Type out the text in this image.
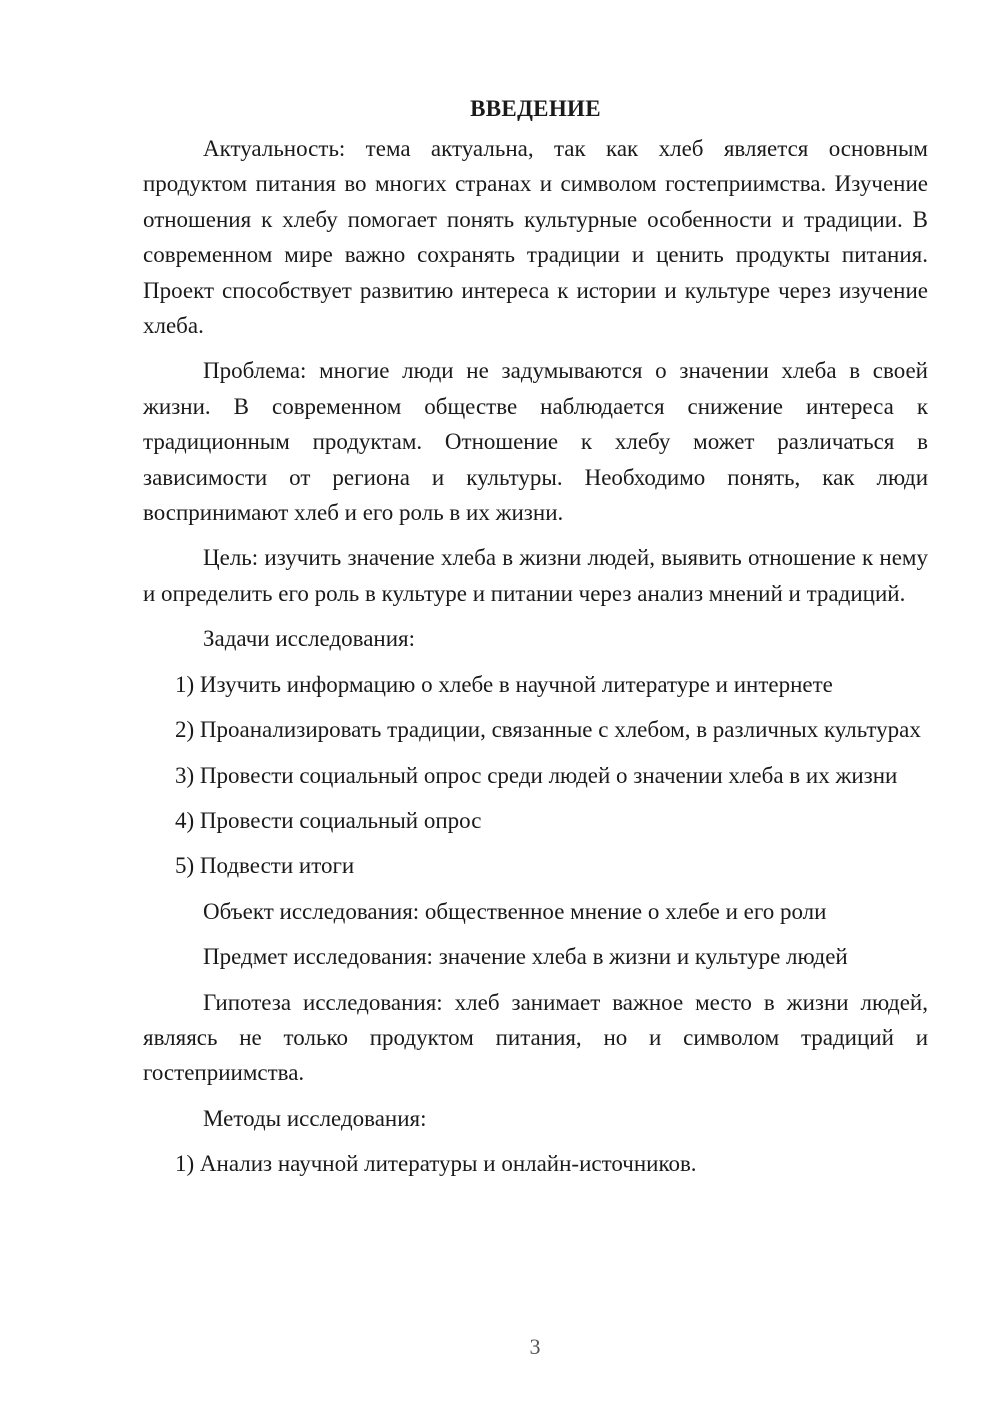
ВВЕДЕНИЕ

Актуальность: тема актуальна, так как хлеб является основным продуктом питания во многих странах и символом гостеприимства. Изучение отношения к хлебу помогает понять культурные особенности и традиции. В современном мире важно сохранять традиции и ценить продукты питания. Проект способствует развитию интереса к истории и культуре через изучение хлеба.

Проблема: многие люди не задумываются о значении хлеба в своей жизни. В современном обществе наблюдается снижение интереса к традиционным продуктам. Отношение к хлебу может различаться в зависимости от региона и культуры. Необходимо понять, как люди воспринимают хлеб и его роль в их жизни.

Цель: изучить значение хлеба в жизни людей, выявить отношение к нему и определить его роль в культуре и питании через анализ мнений и традиций.

Задачи исследования:

1) Изучить информацию о хлебе в научной литературе и интернете

2) Проанализировать традиции, связанные с хлебом, в различных культурах

3) Провести социальный опрос среди людей о значении хлеба в их жизни

4) Провести социальный опрос

5) Подвести итоги

Объект исследования: общественное мнение о хлебе и его роли

Предмет исследования: значение хлеба в жизни и культуре людей

Гипотеза исследования: хлеб занимает важное место в жизни людей, являясь не только продуктом питания, но и символом традиций и гостеприимства.

Методы исследования:

1) Анализ научной литературы и онлайн-источников.

3
